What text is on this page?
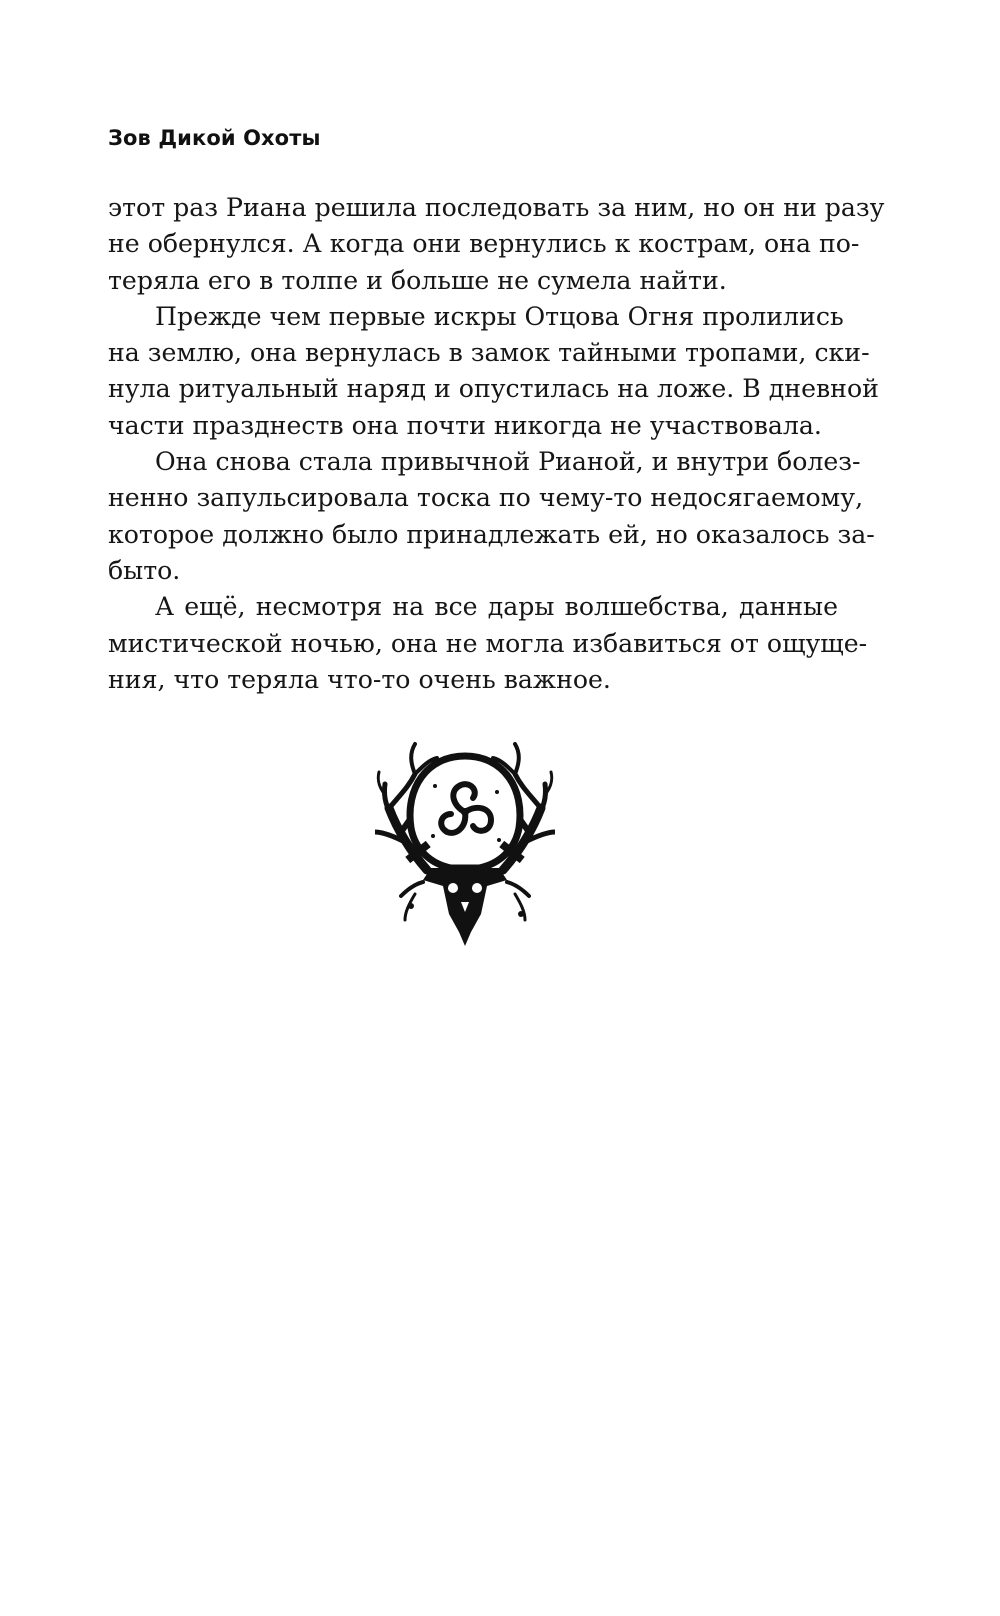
Зов Дикой Охоты

этот раз Риана решила последовать за ним, но он ни разу
не обернулся. А когда они вернулись к кострам, она по-
теряла его в толпе и больше не сумела найти.

Прежде чем первые искры Отцова Огня пролились
на землю, она вернулась в замок тайными тропами, ски-
нула ритуальный наряд и опустилась на ложе. В дневной
части празднеств она почти никогда не участвовала.

Она снова стала привычной Рианой, и внутри болез-
ненно запульсировала тоска по чему-то недосягаемому,
которое должно было принадлежать ей, но оказалось за-
быто.

А ещё, несмотря на все дары волшебства, данные
мистической ночью, она не могла избавиться от ощуще-
ния, что теряла что-то очень важное.
